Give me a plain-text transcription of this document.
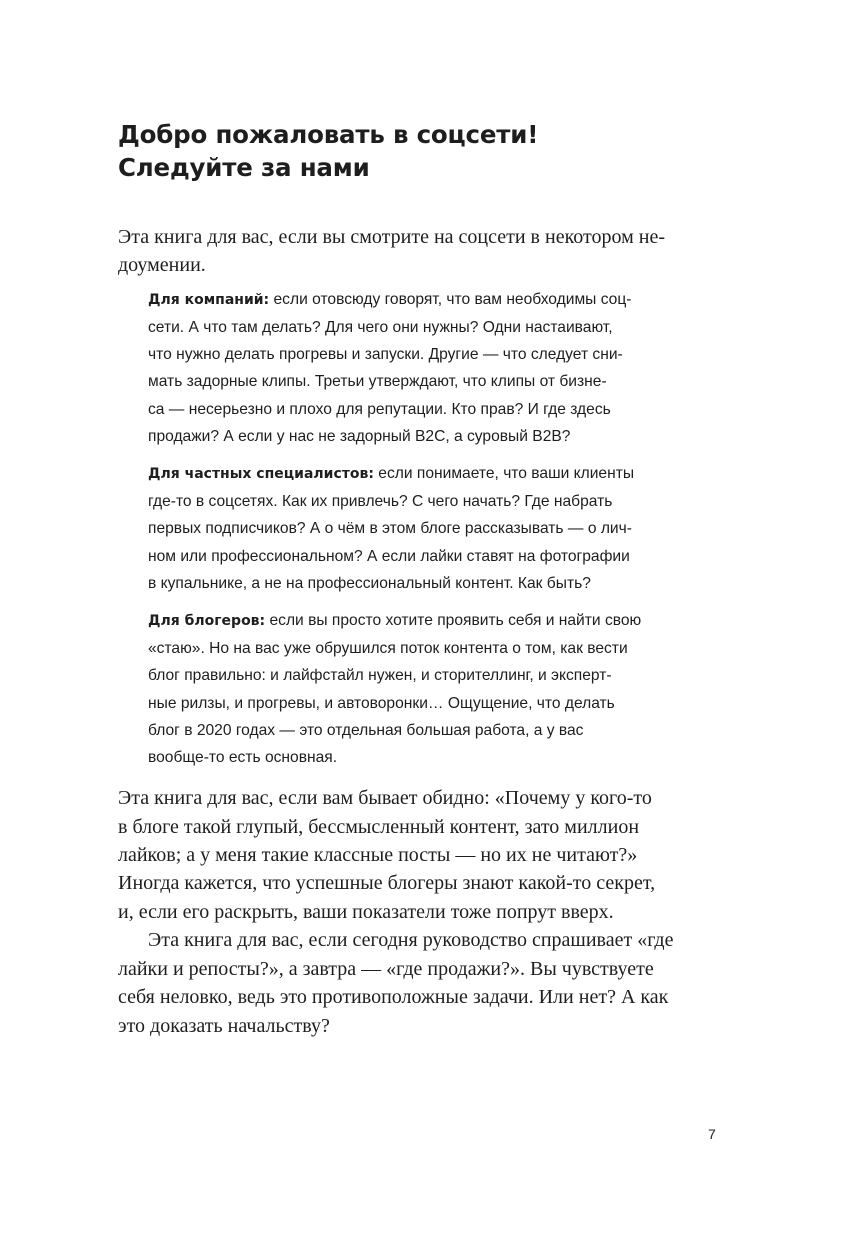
Добро пожаловать в соцсети!
Следуйте за нами

Эта книга для вас, если вы смотрите на соцсети в некотором не-
доумении.

Для компаний: если отовсюду говорят, что вам необходимы соц-
сети. А что там делать? Для чего они нужны? Одни настаивают,
что нужно делать прогревы и запуски. Другие — что следует сни-
мать задорные клипы. Третьи утверждают, что клипы от бизне-
са — несерьезно и плохо для репутации. Кто прав? И где здесь
продажи? А если у нас не задорный B2C, а суровый B2B?

Для частных специалистов: если понимаете, что ваши клиенты
где-то в соцсетях. Как их привлечь? С чего начать? Где набрать
первых подписчиков? А о чём в этом блоге рассказывать — о лич-
ном или профессиональном? А если лайки ставят на фотографии
в купальнике, а не на профессиональный контент. Как быть?

Для блогеров: если вы просто хотите проявить себя и найти свою
«стаю». Но на вас уже обрушился поток контента о том, как вести
блог правильно: и лайфстайл нужен, и сторителлинг, и эксперт-
ные рилзы, и прогревы, и автоворонки… Ощущение, что делать
блог в 2020 годах — это отдельная большая работа, а у вас
вообще-то есть основная.

Эта книга для вас, если вам бывает обидно: «Почему у кого-то
в блоге такой глупый, бессмысленный контент, зато миллион
лайков; а у меня такие классные посты — но их не читают?»
Иногда кажется, что успешные блогеры знают какой-то секрет,
и, если его раскрыть, ваши показатели тоже попрут вверх.

Эта книга для вас, если сегодня руководство спрашивает «где
лайки и репосты?», а завтра — «где продажи?». Вы чувствуете
себя неловко, ведь это противоположные задачи. Или нет? А как
это доказать начальству?

7
